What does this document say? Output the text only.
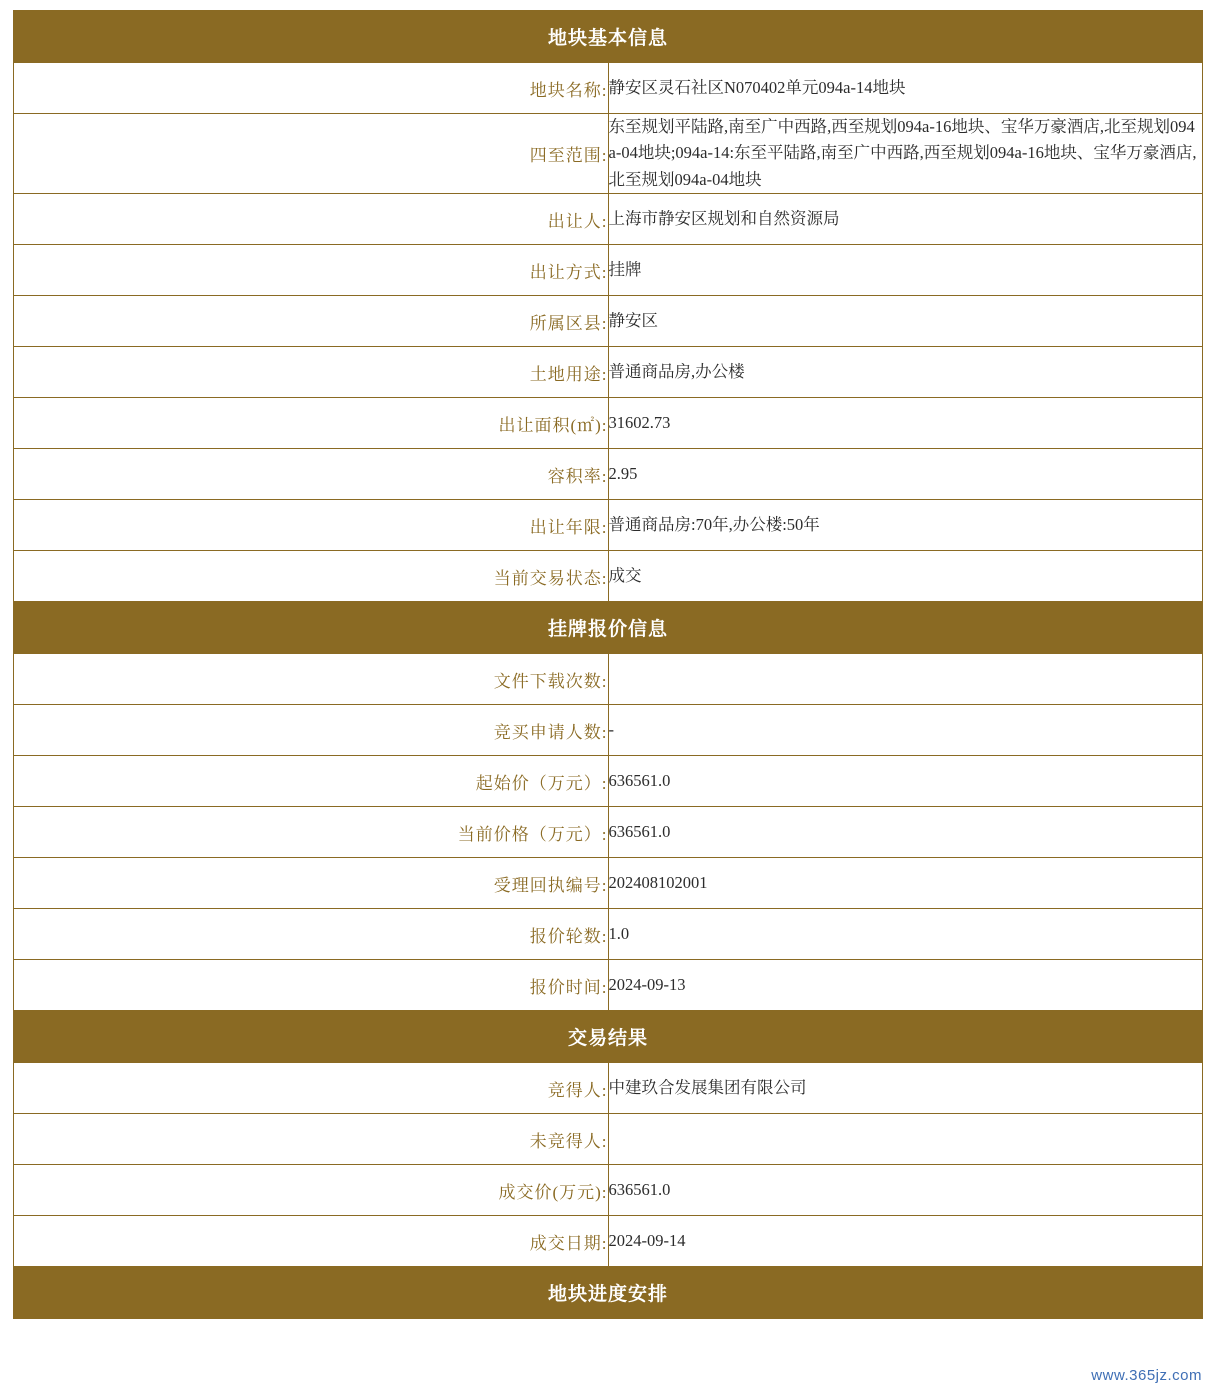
地块基本信息	
地块名称:	静安区灵石社区N070402单元094a-14地块
四至范围:	东至规划平陆路,南至广中西路,西至规划094a-16地块、宝华万豪酒店,北至规划094a-04地块;094a-14:东至平陆路,南至广中西路,西至规划094a-16地块、宝华万豪酒店,北至规划094a-04地块
出让人:	上海市静安区规划和自然资源局
出让方式:	挂牌
所属区县:	静安区
土地用途:	普通商品房,办公楼
出让面积(㎡):	31602.73
容积率:	2.95
出让年限:	普通商品房:70年,办公楼:50年
当前交易状态:	成交
挂牌报价信息	
文件下载次数:	
竞买申请人数:	-
起始价（万元）:	636561.0
当前价格（万元）:	636561.0
受理回执编号:	202408102001
报价轮数:	1.0
报价时间:	2024-09-13
交易结果	
竞得人:	中建玖合发展集团有限公司
未竞得人:	
成交价(万元):	636561.0
成交日期:	2024-09-14
地块进度安排	
www.365jz.com
